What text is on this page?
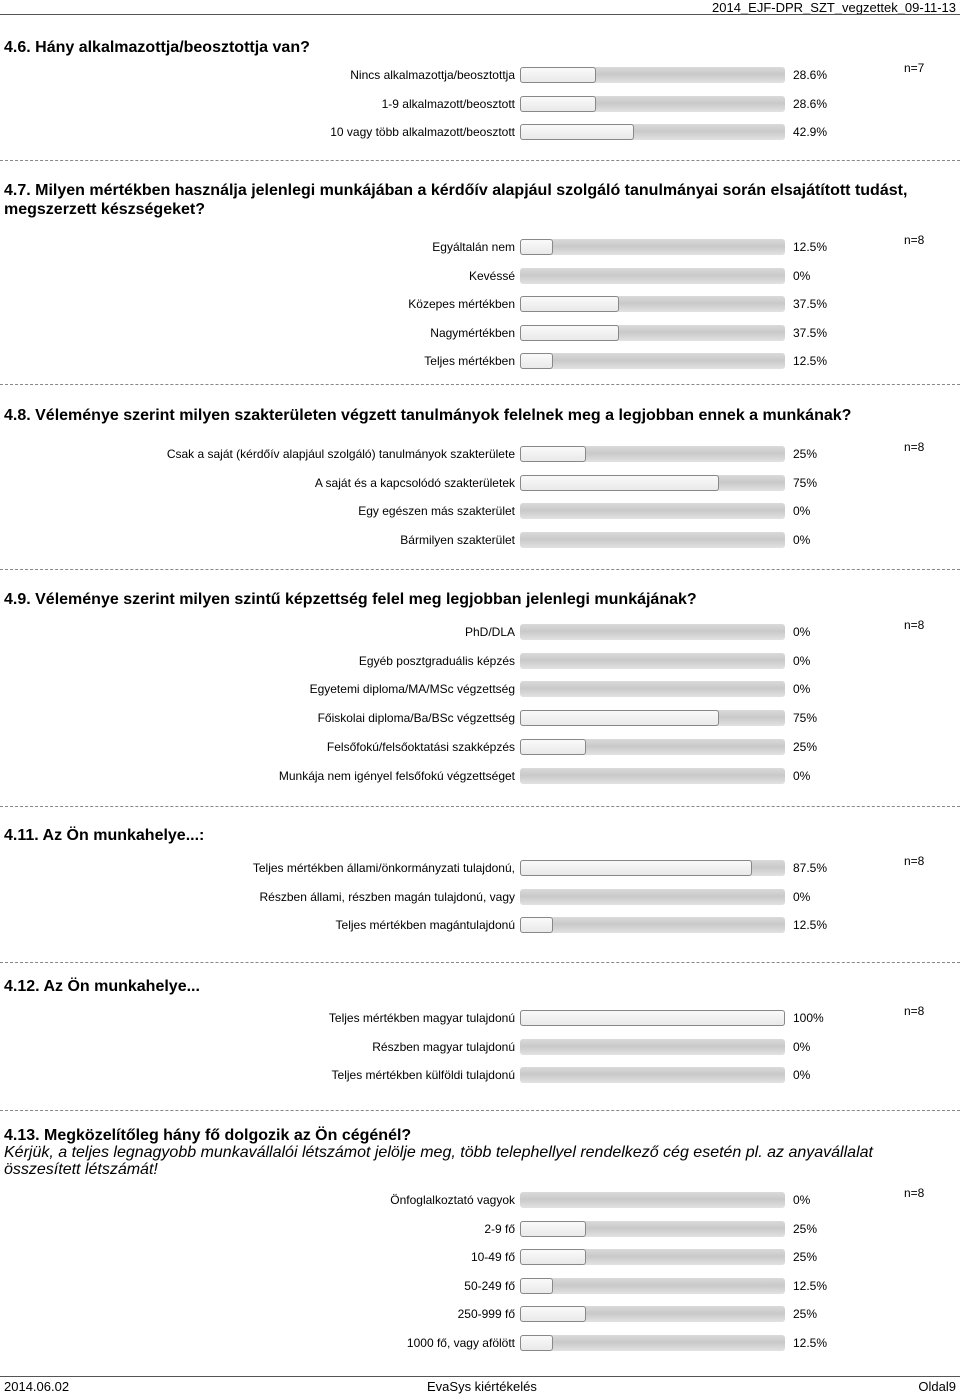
2014_EJF-DPR_SZT_vegzettek_09-11-13
4.6. Hány alkalmazottja/beosztottja van?
n=7
Nincs alkalmazottja/beosztottja	28.6%
1-9 alkalmazott/beosztott	28.6%
10 vagy több alkalmazott/beosztott	42.9%
4.7. Milyen mértékben használja jelenlegi munkájában a kérdőív alapjául szolgáló tanulmányai során elsajátított tudást, megszerzett készségeket?
n=8
Egyáltalán nem	12.5%
Kevéssé	0%
Közepes mértékben	37.5%
Nagymértékben	37.5%
Teljes mértékben	12.5%
4.8. Véleménye szerint milyen szakterületen végzett tanulmányok felelnek meg a legjobban ennek a munkának?
n=8
Csak a saját (kérdőív alapjául szolgáló) tanulmányok szakterülete	25%
A saját és a kapcsolódó szakterületek	75%
Egy egészen más szakterület	0%
Bármilyen szakterület	0%
4.9. Véleménye szerint milyen szintű képzettség felel meg legjobban jelenlegi munkájának?
n=8
PhD/DLA	0%
Egyéb posztgraduális képzés	0%
Egyetemi diploma/MA/MSc végzettség	0%
Főiskolai diploma/Ba/BSc végzettség	75%
Felsőfokú/felsőoktatási szakképzés	25%
Munkája nem igényel felsőfokú végzettséget	0%
4.11. Az Ön munkahelye...:
n=8
Teljes mértékben állami/önkormányzati tulajdonú,	87.5%
Részben állami, részben magán tulajdonú, vagy	0%
Teljes mértékben magántulajdonú	12.5%
4.12. Az Ön munkahelye...
n=8
Teljes mértékben magyar tulajdonú	100%
Részben magyar tulajdonú	0%
Teljes mértékben külföldi tulajdonú	0%
4.13. Megközelítőleg hány fő dolgozik az Ön cégénél?
Kérjük, a teljes legnagyobb munkavállalói létszámot jelölje meg, több telephellyel rendelkező cég esetén pl. az anyavállalat összesített létszámát!
n=8
Önfoglalkoztató vagyok	0%
2-9 fő	25%
10-49 fő	25%
50-249 fő	12.5%
250-999 fő	25%
1000 fő, vagy afölött	12.5%
2014.06.02	EvaSys kiértékelés	Oldal9
